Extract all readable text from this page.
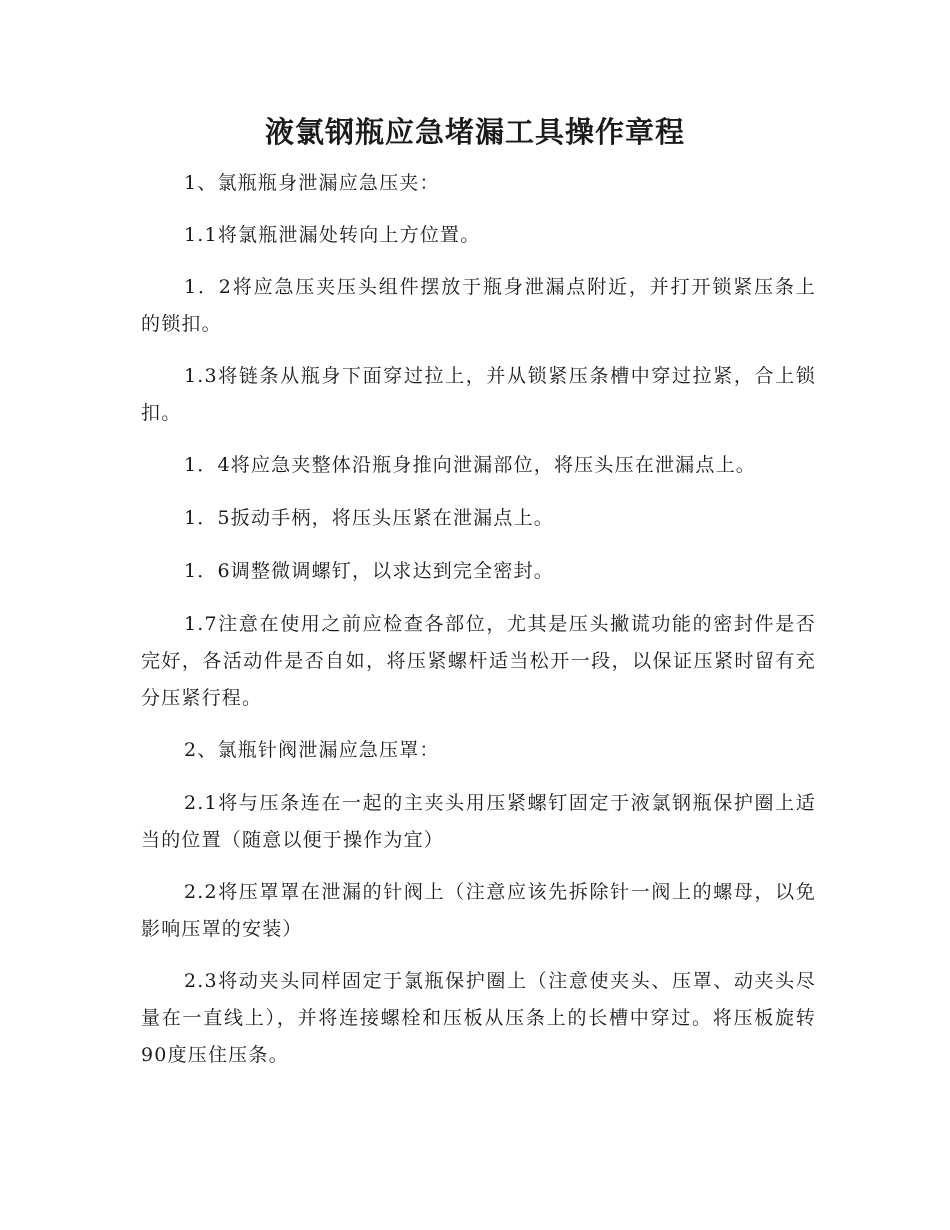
液氯钢瓶应急堵漏工具操作章程

1、氯瓶瓶身泄漏应急压夹：

1.1将氯瓶泄漏处转向上方位置。

1．2将应急压夹压头组件摆放于瓶身泄漏点附近，并打开锁紧压条上的锁扣。

1.3将链条从瓶身下面穿过拉上，并从锁紧压条槽中穿过拉紧，合上锁扣。

1．4将应急夹整体沿瓶身推向泄漏部位，将压头压在泄漏点上。

1．5扳动手柄，将压头压紧在泄漏点上。

1．6调整微调螺钉，以求达到完全密封。

1.7注意在使用之前应检查各部位，尤其是压头撇谎功能的密封件是否完好，各活动件是否自如，将压紧螺杆适当松开一段，以保证压紧时留有充分压紧行程。

2、氯瓶针阀泄漏应急压罩：

2.1将与压条连在一起的主夹头用压紧螺钉固定于液氯钢瓶保护圈上适当的位置（随意以便于操作为宜）

2.2将压罩罩在泄漏的针阀上（注意应该先拆除针一阀上的螺母，以免影响压罩的安装）

2.3将动夹头同样固定于氯瓶保护圈上（注意使夹头、压罩、动夹头尽量在一直线上），并将连接螺栓和压板从压条上的长槽中穿过。将压板旋转90度压住压条。
